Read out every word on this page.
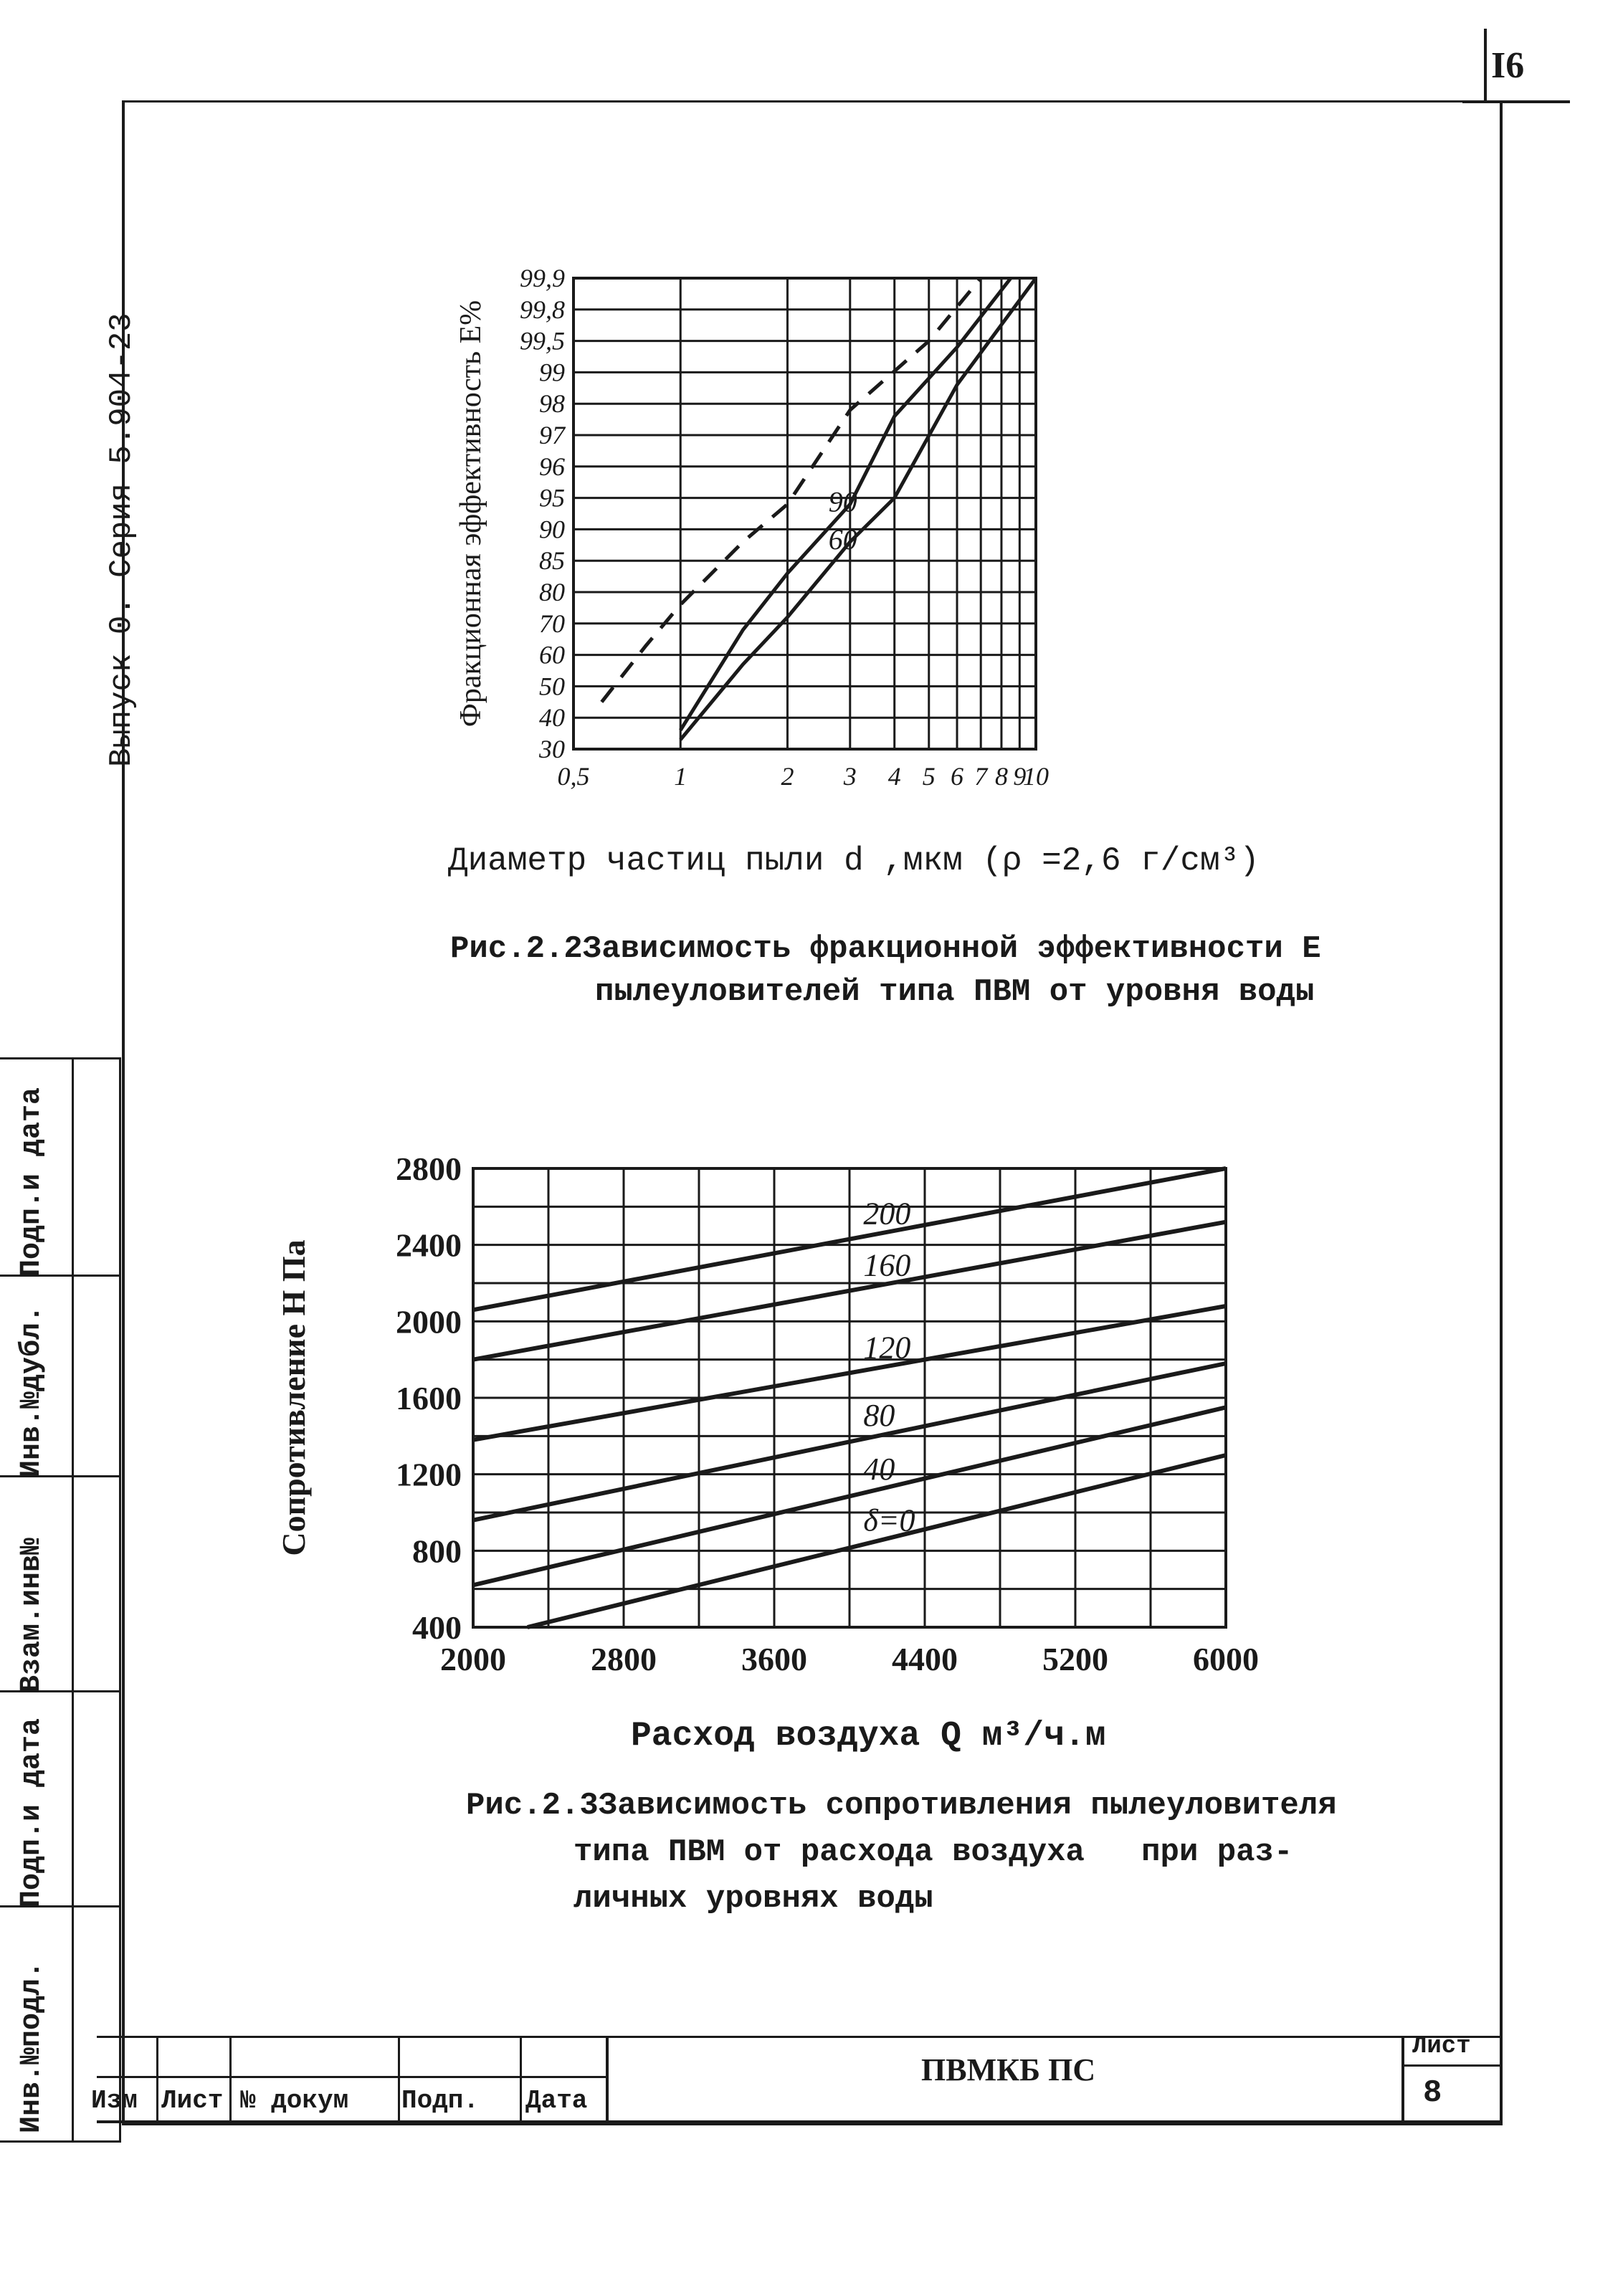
I6
Выпуск 0. Серия 5.904-23
Подп.и дата
Инв.№дубл.
Взам.инв№
Подп.и дата
Инв.№подл.
90
60
30
40
50
60
70
80
85
90
95
96
97
98
99
99,5
99,8
99,9
0,5	1	2 3 4 5 6 7 8 9
10
Фракционная эффективность Е%
Диаметр частиц пыли d ,мкм (ρ =2,6 г/см³)
Рис.2.2Зависимость фракционной эффективности Е
пылеуловителей типа ПВМ от уровня воды
200
160
120
80
40
δ=0
400
800
1200
1600
2000
2400
2800
2000	2800	3600	4400	5200	6000
Сопротивление Н Па
Расход воздуха Q м³/ч.м
Рис.2.3Зависимость сопротивления пылеуловителя
типа ПВМ от расхода воздуха   при раз-
личных уровнях воды
Изм Лист № докум Подп. Дата
ПВМКБ ПС
Лист
8
